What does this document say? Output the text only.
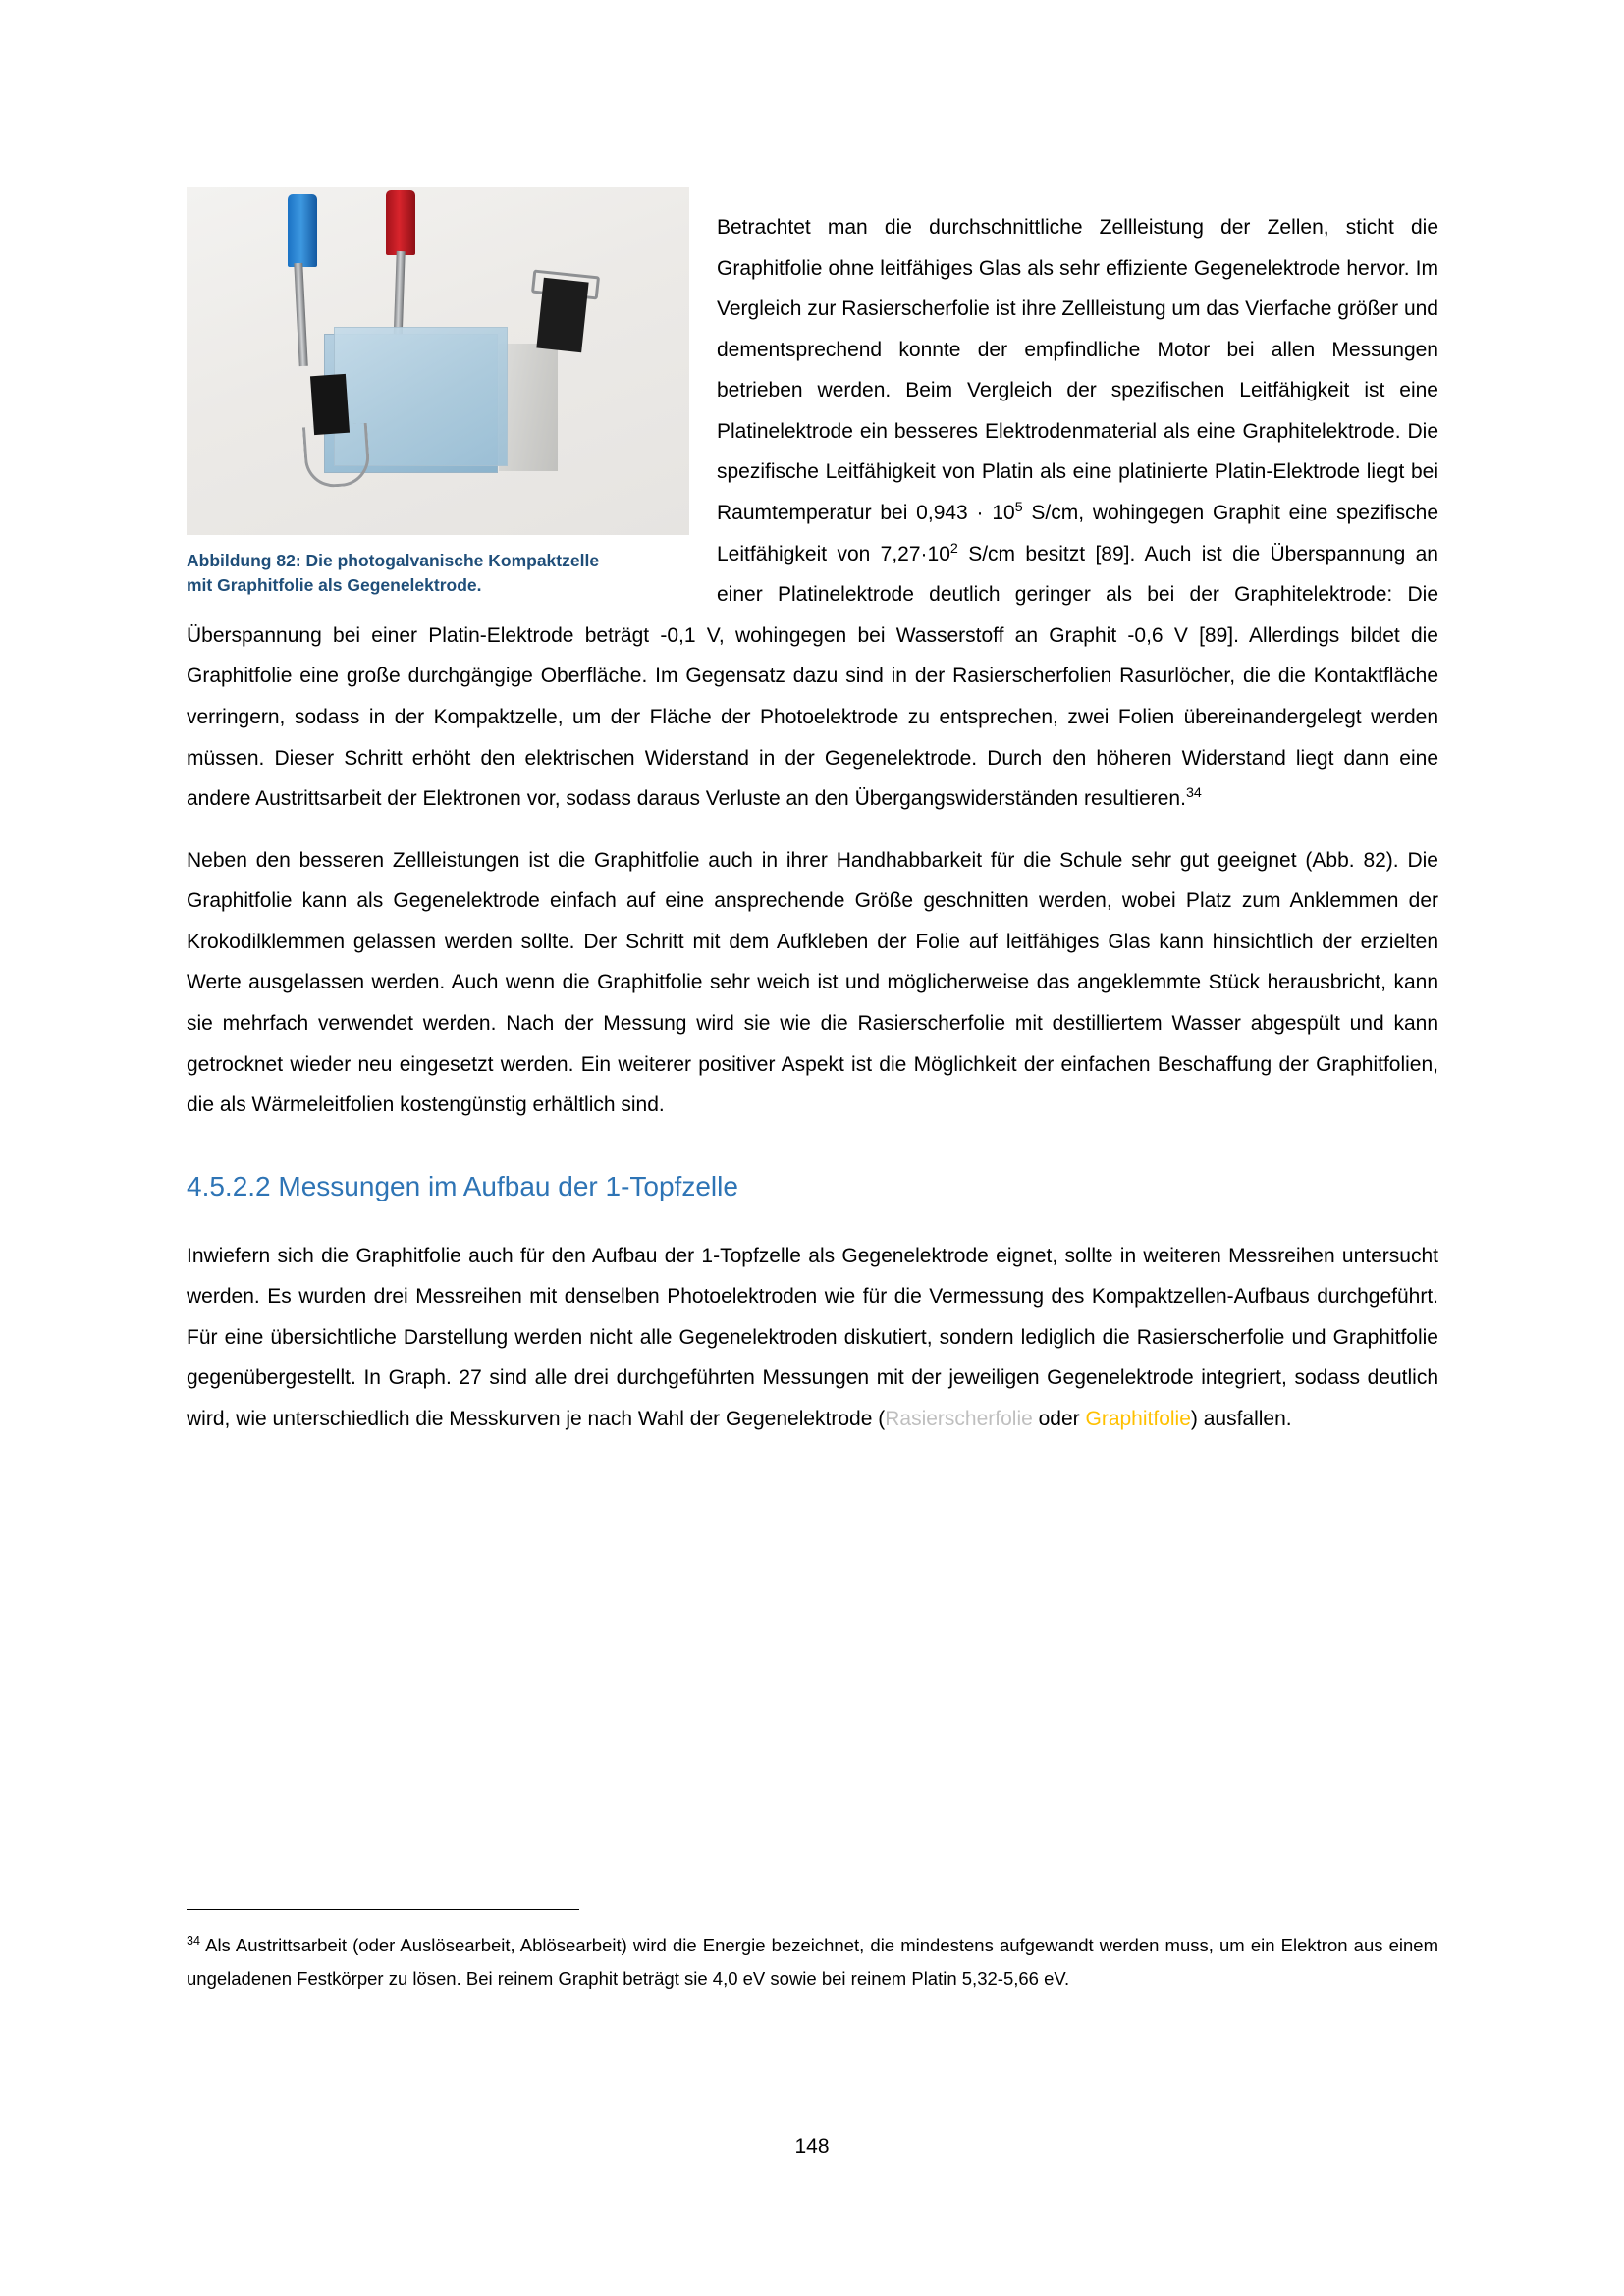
Abbildung 82: Die photogalvanische Kompaktzelle
mit Graphitfolie als Gegenelektrode.

Betrachtet man die durchschnittliche Zellleistung der Zellen, sticht die Graphitfolie ohne leitfähiges Glas als sehr effiziente Gegenelektrode hervor. Im Vergleich zur Rasierscherfolie ist ihre Zellleistung um das Vierfache größer und dementsprechend konnte der empfindliche Motor bei allen Messungen betrieben werden. Beim Vergleich der spezifischen Leitfähigkeit ist eine Platinelektrode ein besseres Elektrodenmaterial als eine Graphitelektrode. Die spezifische Leitfähigkeit von Platin als eine platinierte Platin-Elektrode liegt bei Raumtemperatur bei $0,943 \cdot 10^5$ S/cm, wohingegen Graphit eine spezifische Leitfähigkeit von $7,27\cdot 10^2$ S/cm besitzt [89]. Auch ist die Überspannung an einer Platinelektrode deutlich geringer als bei der Graphitelektrode: Die Überspannung bei einer Platin-Elektrode beträgt -0,1 V, wohingegen bei Wasserstoff an Graphit -0,6 V [89]. Allerdings bildet die Graphitfolie eine große durchgängige Oberfläche. Im Gegensatz dazu sind in der Rasierscherfolien Rasurlöcher, die die Kontaktfläche verringern, sodass in der Kompaktzelle, um der Fläche der Photoelektrode zu entsprechen, zwei Folien übereinandergelegt werden müssen. Dieser Schritt erhöht den elektrischen Widerstand in der Gegenelektrode. Durch den höheren Widerstand liegt dann eine andere Austrittsarbeit der Elektronen vor, sodass daraus Verluste an den Übergangswiderständen resultieren.$^{34}$

Neben den besseren Zellleistungen ist die Graphitfolie auch in ihrer Handhabbarkeit für die Schule sehr gut geeignet (Abb. 82). Die Graphitfolie kann als Gegenelektrode einfach auf eine ansprechende Größe geschnitten werden, wobei Platz zum Anklemmen der Krokodilklemmen gelassen werden sollte. Der Schritt mit dem Aufkleben der Folie auf leitfähiges Glas kann hinsichtlich der erzielten Werte ausgelassen werden. Auch wenn die Graphitfolie sehr weich ist und möglicherweise das angeklemmte Stück herausbricht, kann sie mehrfach verwendet werden. Nach der Messung wird sie wie die Rasierscherfolie mit destilliertem Wasser abgespült und kann getrocknet wieder neu eingesetzt werden. Ein weiterer positiver Aspekt ist die Möglichkeit der einfachen Beschaffung der Graphitfolien, die als Wärmeleitfolien kostengünstig erhältlich sind.

4.5.2.2 Messungen im Aufbau der 1-Topfzelle

Inwiefern sich die Graphitfolie auch für den Aufbau der 1-Topfzelle als Gegenelektrode eignet, sollte in weiteren Messreihen untersucht werden. Es wurden drei Messreihen mit denselben Photoelektroden wie für die Vermessung des Kompaktzellen-Aufbaus durchgeführt. Für eine übersichtliche Darstellung werden nicht alle Gegenelektroden diskutiert, sondern lediglich die Rasierscherfolie und Graphitfolie gegenübergestellt. In Graph. 27 sind alle drei durchgeführten Messungen mit der jeweiligen Gegenelektrode integriert, sodass deutlich wird, wie unterschiedlich die Messkurven je nach Wahl der Gegenelektrode (Rasierscherfolie oder Graphitfolie) ausfallen.

$^{34}$ Als Austrittsarbeit (oder Auslösearbeit, Ablösearbeit) wird die Energie bezeichnet, die mindestens aufgewandt werden muss, um ein Elektron aus einem ungeladenen Festkörper zu lösen. Bei reinem Graphit beträgt sie 4,0 eV sowie bei reinem Platin 5,32-5,66 eV.

148
